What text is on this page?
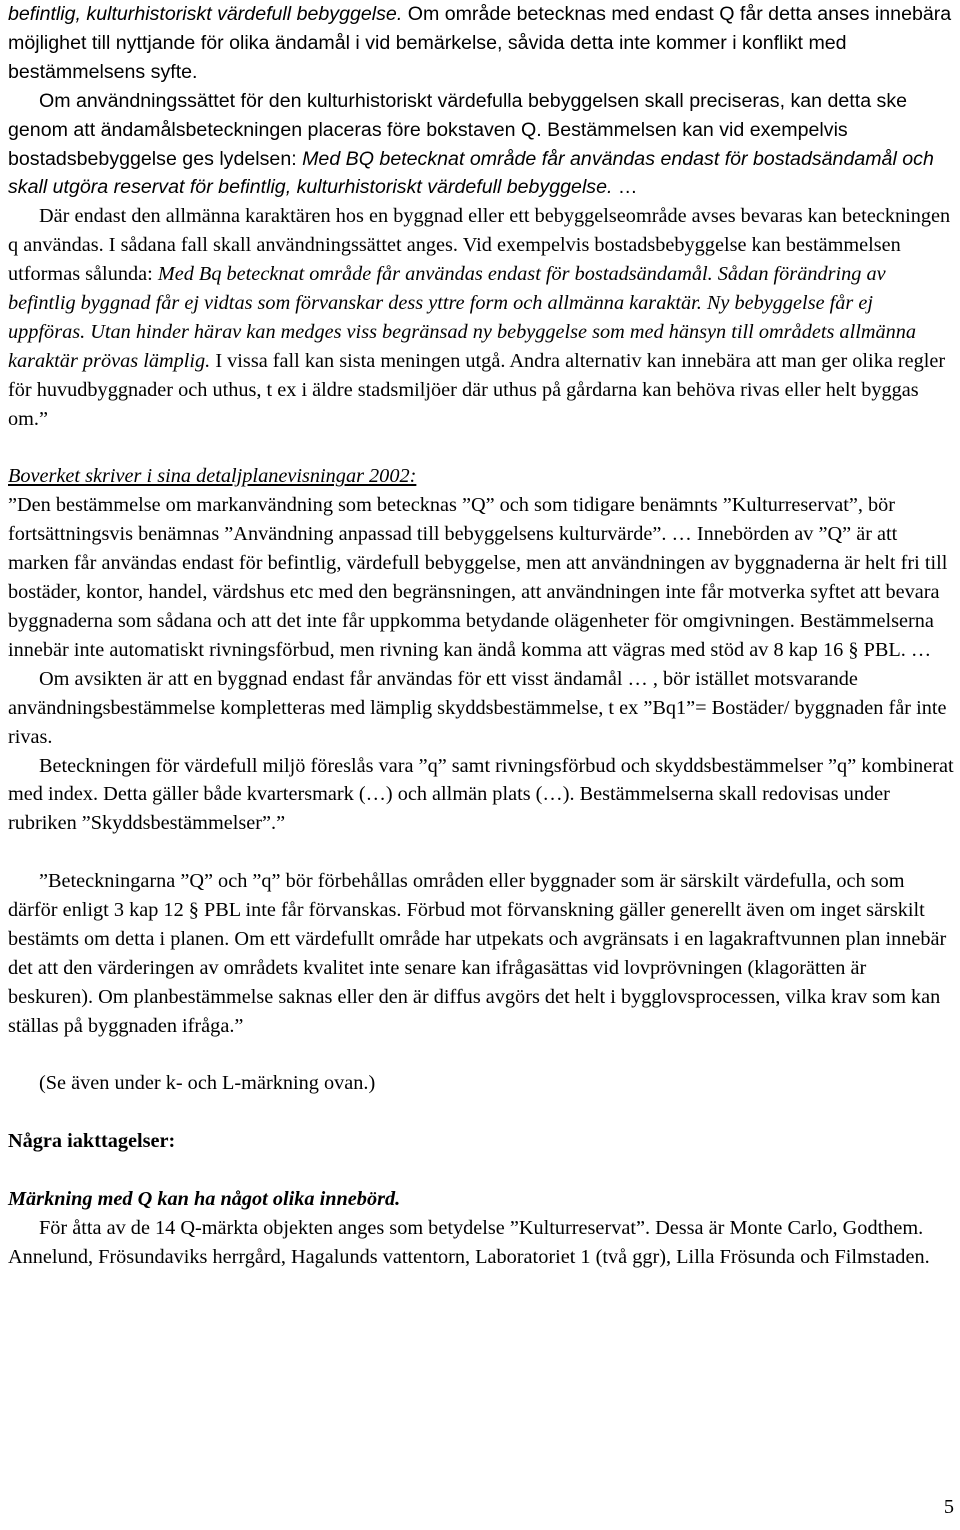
befintlig, kulturhistoriskt värdefull bebyggelse. Om område betecknas med endast Q får detta anses innebära möjlighet till nyttjande för olika ändamål i vid bemärkelse, såvida detta inte kommer i konflikt med bestämmelsens syfte.

Om användningssättet för den kulturhistoriskt värdefulla bebyggelsen skall preciseras, kan detta ske genom att ändamålsbeteckningen placeras före bokstaven Q. Bestämmelsen kan vid exempelvis bostadsbebyggelse ges lydelsen: Med BQ betecknat område får användas endast för bostadsändamål och skall utgöra reservat för befintlig, kulturhistoriskt värdefull bebyggelse. …

Där endast den allmänna karaktären hos en byggnad eller ett bebyggelseområde avses bevaras kan beteckningen q användas. I sådana fall skall användningssättet anges. Vid exempelvis bostadsbebyggelse kan bestämmelsen utformas sålunda: Med Bq betecknat område får användas endast för bostadsändamål. Sådan förändring av befintlig byggnad får ej vidtas som förvanskar dess yttre form och allmänna karaktär. Ny bebyggelse får ej uppföras. Utan hinder härav kan medges viss begränsad ny bebyggelse som med hänsyn till områdets allmänna karaktär prövas lämplig. I vissa fall kan sista meningen utgå. Andra alternativ kan innebära att man ger olika regler för huvudbyggnader och uthus, t ex i äldre stadsmiljöer där uthus på gårdarna kan behöva rivas eller helt byggas om.”

Boverket skriver i sina detaljplanevisningar 2002:

”Den bestämmelse om markanvändning som betecknas ”Q” och som tidigare benämnts ”Kulturreservat”, bör fortsättningsvis benämnas ”Användning anpassad till bebyggelsens kulturvärde”. … Innebörden av ”Q” är att marken får användas endast för befintlig, värdefull bebyggelse, men att användningen av byggnaderna är helt fri till bostäder, kontor, handel, värdshus etc med den begränsningen, att användningen inte får motverka syftet att bevara byggnaderna som sådana och att det inte får uppkomma betydande olägenheter för omgivningen. Bestämmelserna innebär inte automatiskt rivningsförbud, men rivning kan ändå komma att vägras med stöd av 8 kap 16 § PBL. …

Om avsikten är att en byggnad endast får användas för ett visst ändamål … , bör istället motsvarande användningsbestämmelse kompletteras med lämplig skyddsbestämmelse, t ex ”Bq1”= Bostäder/ byggnaden får inte rivas.

Beteckningen för värdefull miljö föreslås vara ”q” samt rivningsförbud och skyddsbestämmelser ”q” kombinerat med index. Detta gäller både kvartersmark (…) och allmän plats (…). Bestämmelserna skall redovisas under rubriken ”Skyddsbestämmelser”.”

”Beteckningarna ”Q” och ”q” bör förbehållas områden eller byggnader som är särskilt värdefulla, och som därför enligt 3 kap 12 § PBL inte får förvanskas. Förbud mot förvanskning gäller generellt även om inget särskilt bestämts om detta i planen. Om ett värdefullt område har utpekats och avgränsats i en lagakraftvunnen plan innebär det att den värderingen av områdets kvalitet inte senare kan ifrågasättas vid lovprövningen (klagorätten är beskuren). Om planbestämmelse saknas eller den är diffus avgörs det helt i bygglovsprocessen, vilka krav som kan ställas på byggnaden ifråga.”

(Se även under k- och L-märkning ovan.)

Några iakttagelser:

Märkning med Q kan ha något olika innebörd.

För åtta av de 14 Q-märkta objekten anges som betydelse ”Kulturreservat”. Dessa är Monte Carlo, Godthem. Annelund, Frösundaviks herrgård, Hagalunds vattentorn, Laboratoriet 1 (två ggr), Lilla Frösunda och Filmstaden.

5
